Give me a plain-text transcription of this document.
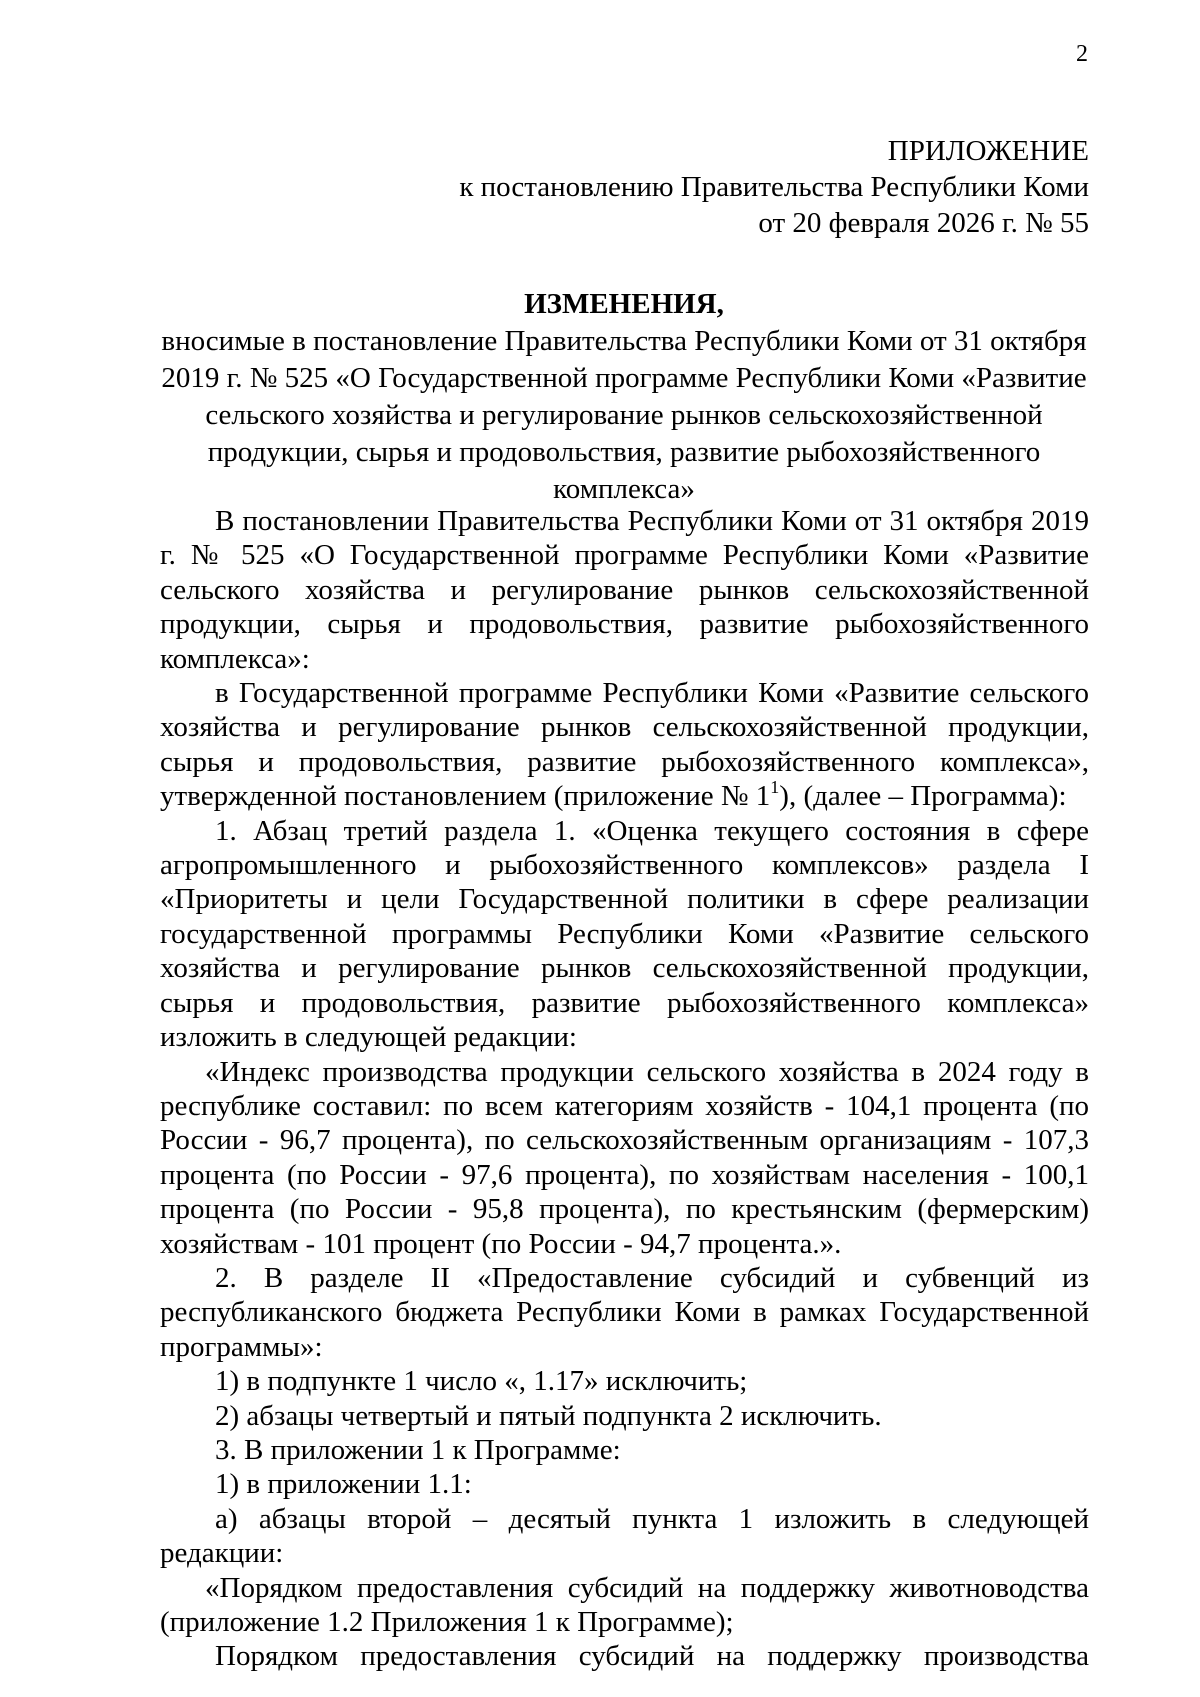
2
ПРИЛОЖЕНИЕ
к постановлению Правительства Республики Коми
от 20 февраля 2026 г. № 55
ИЗМЕНЕНИЯ,
вносимые в постановление Правительства Республики Коми от 31 октября 2019 г. № 525 «О Государственной программе Республики Коми «Развитие сельского хозяйства и регулирование рынков сельскохозяйственной продукции, сырья и продовольствия, развитие рыбохозяйственного комплекса»

В постановлении Правительства Республики Коми от 31 октября 2019 г. № 525 «О Государственной программе Республики Коми «Развитие сельского хозяйства и регулирование рынков сельскохозяйственной продукции, сырья и продовольствия, развитие рыбохозяйственного комплекса»:

в Государственной программе Республики Коми «Развитие сельского хозяйства и регулирование рынков сельскохозяйственной продукции, сырья и продовольствия, развитие рыбохозяйственного комплекса», утвержденной постановлением (приложение № $1^1$), (далее – Программа):

1. Абзац третий раздела 1. «Оценка текущего состояния в сфере агропромышленного и рыбохозяйственного комплексов» раздела I «Приоритеты и цели Государственной политики в сфере реализации государственной программы Республики Коми «Развитие сельского хозяйства и регулирование рынков сельскохозяйственной продукции, сырья и продовольствия, развитие рыбохозяйственного комплекса» изложить в следующей редакции:

«Индекс производства продукции сельского хозяйства в 2024 году в республике составил: по всем категориям хозяйств - 104,1 процента (по России - 96,7 процента), по сельскохозяйственным организациям - 107,3 процента (по России - 97,6 процента), по хозяйствам населения - 100,1 процента (по России - 95,8 процента), по крестьянским (фермерским) хозяйствам - 101 процент (по России - 94,7 процента.».

2. В разделе II «Предоставление субсидий и субвенций из республиканского бюджета Республики Коми в рамках Государственной программы»:

1) в подпункте 1 число «, 1.17» исключить;

2) абзацы четвертый и пятый подпункта 2 исключить.

3. В приложении 1 к Программе:

1) в приложении 1.1:

а) абзацы второй – десятый пункта 1 изложить в следующей редакции:

«Порядком предоставления субсидий на поддержку животноводства (приложение 1.2 Приложения 1 к Программе);

Порядком предоставления субсидий на поддержку производства
